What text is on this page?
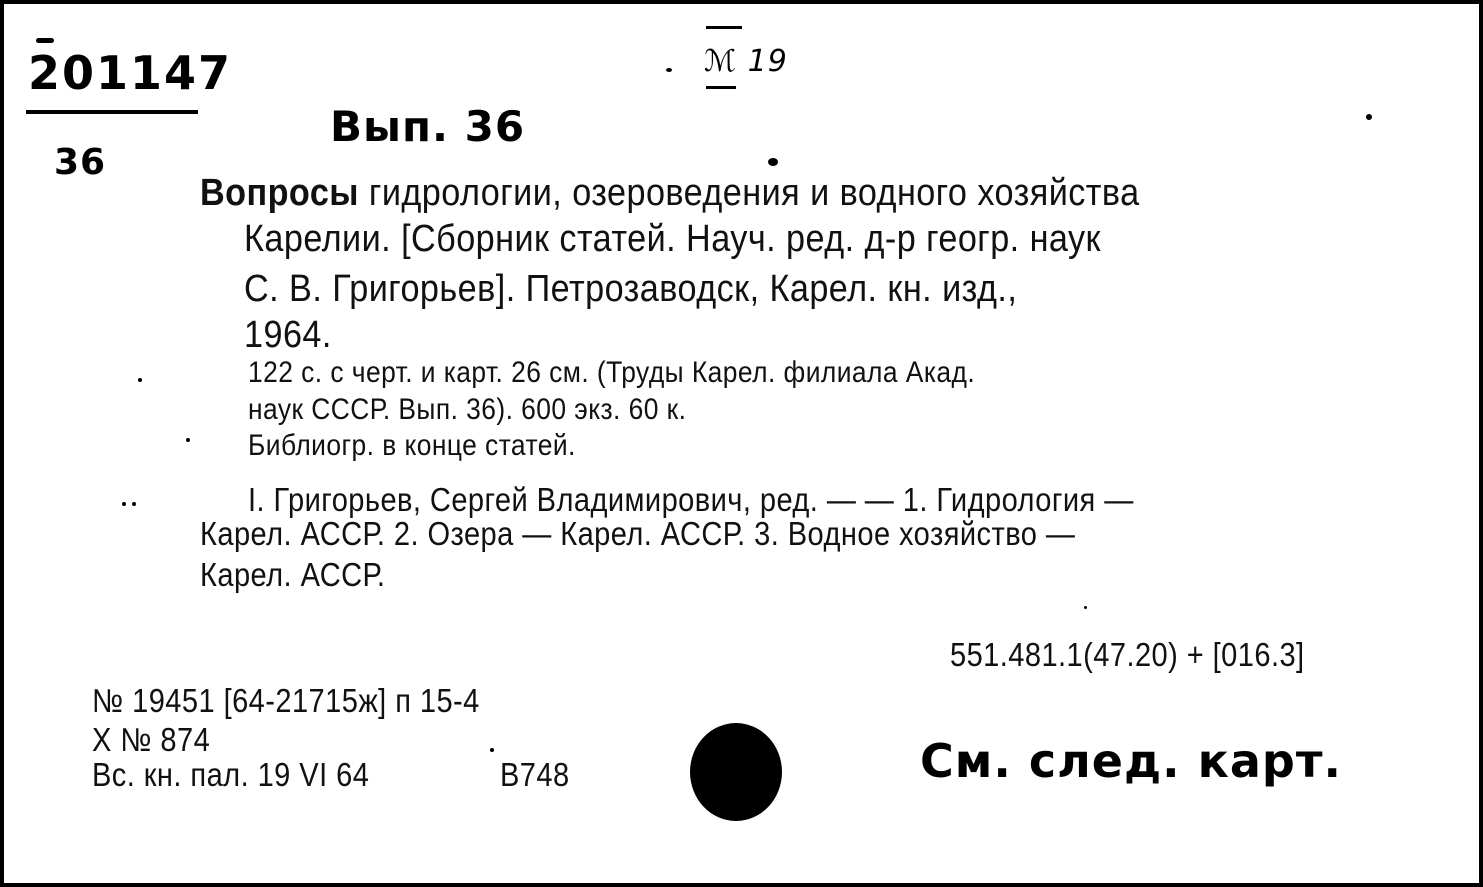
201147
36
ℳ 19
Вып. 36
Вопросы гидрологии, озероведения и водного хозяйства
Карелии. [Сборник статей. Науч. ред. д-р геогр. наук
С. В. Григорьев]. Петрозаводск, Карел. кн. изд.,
1964.
122 с. с черт. и карт. 26 см. (Труды Карел. филиала Акад.
наук СССР. Вып. 36). 600 экз. 60 к.
Библиогр. в конце статей.
I. Григорьев, Сергей Владимирович, ред. — — 1. Гидрология —
Карел. АССР. 2. Озера — Карел. АССР. 3. Водное хозяйство —
Карел. АССР.
551.481.1(47.20) + [016.3]
№ 19451 [64-21715ж] п 15-4
X № 874
Вс. кн. пал. 19 VI 64	B748	См. след. карт.
